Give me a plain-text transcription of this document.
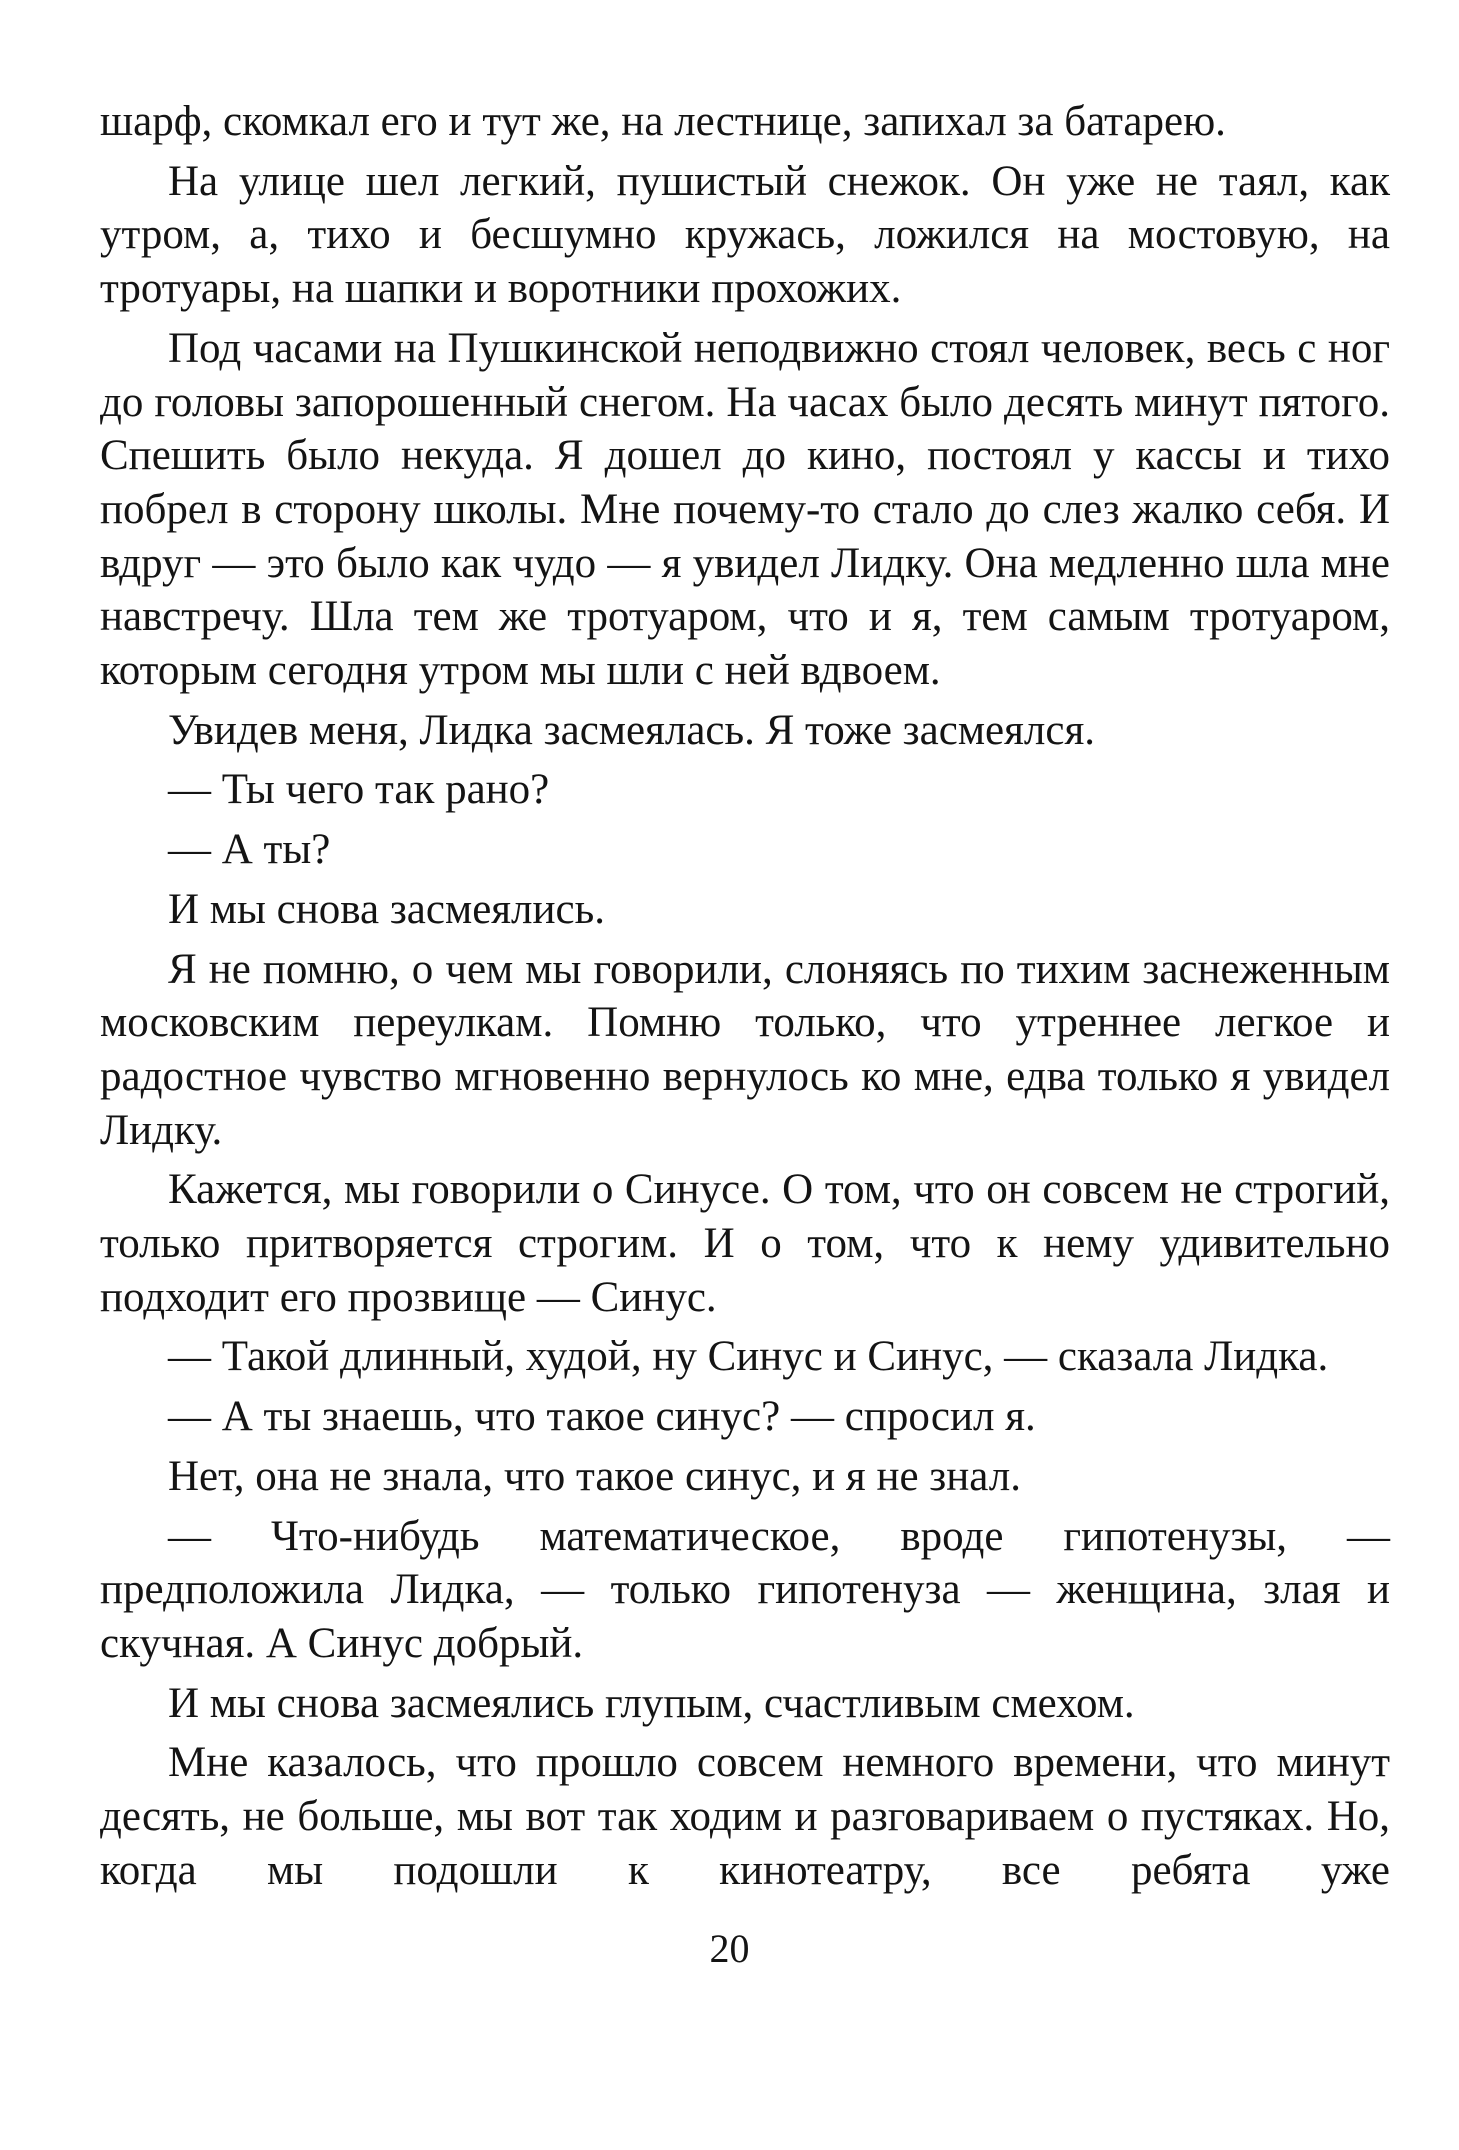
шарф, скомкал его и тут же, на лестнице, запихал за батарею.

На улице шел легкий, пушистый снежок. Он уже не таял, как утром, а, тихо и бесшумно кружась, ложился на мостовую, на тротуары, на шапки и воротники прохожих.

Под часами на Пушкинской неподвижно стоял человек, весь с ног до головы запорошенный снегом. На часах было десять минут пятого. Спешить было некуда. Я дошел до кино, постоял у кассы и тихо побрел в сторону школы. Мне почему-то стало до слез жалко себя. И вдруг — это было как чудо — я увидел Лидку. Она медленно шла мне навстречу. Шла тем же тротуаром, что и я, тем самым тротуаром, которым сегодня утром мы шли с ней вдвоем.

Увидев меня, Лидка засмеялась. Я тоже засмеялся.

— Ты чего так рано?

— А ты?

И мы снова засмеялись.

Я не помню, о чем мы говорили, слоняясь по тихим заснеженным московским переулкам. Помню только, что утреннее легкое и радостное чувство мгновенно вернулось ко мне, едва только я увидел Лидку.

Кажется, мы говорили о Синусе. О том, что он совсем не строгий, только притворяется строгим. И о том, что к нему удивительно подходит его прозвище — Синус.

— Такой длинный, худой, ну Синус и Синус, — сказала Лидка.

— А ты знаешь, что такое синус? — спросил я.

Нет, она не знала, что такое синус, и я не знал.

— Что-нибудь математическое, вроде гипотенузы, — предположила Лидка, — только гипотенуза — женщина, злая и скучная. А Синус добрый.

И мы снова засмеялись глупым, счастливым смехом.

Мне казалось, что прошло совсем немного времени, что минут десять, не больше, мы вот так ходим и разговариваем о пустяках. Но, когда мы подошли к кинотеатру, все ребята уже

20
